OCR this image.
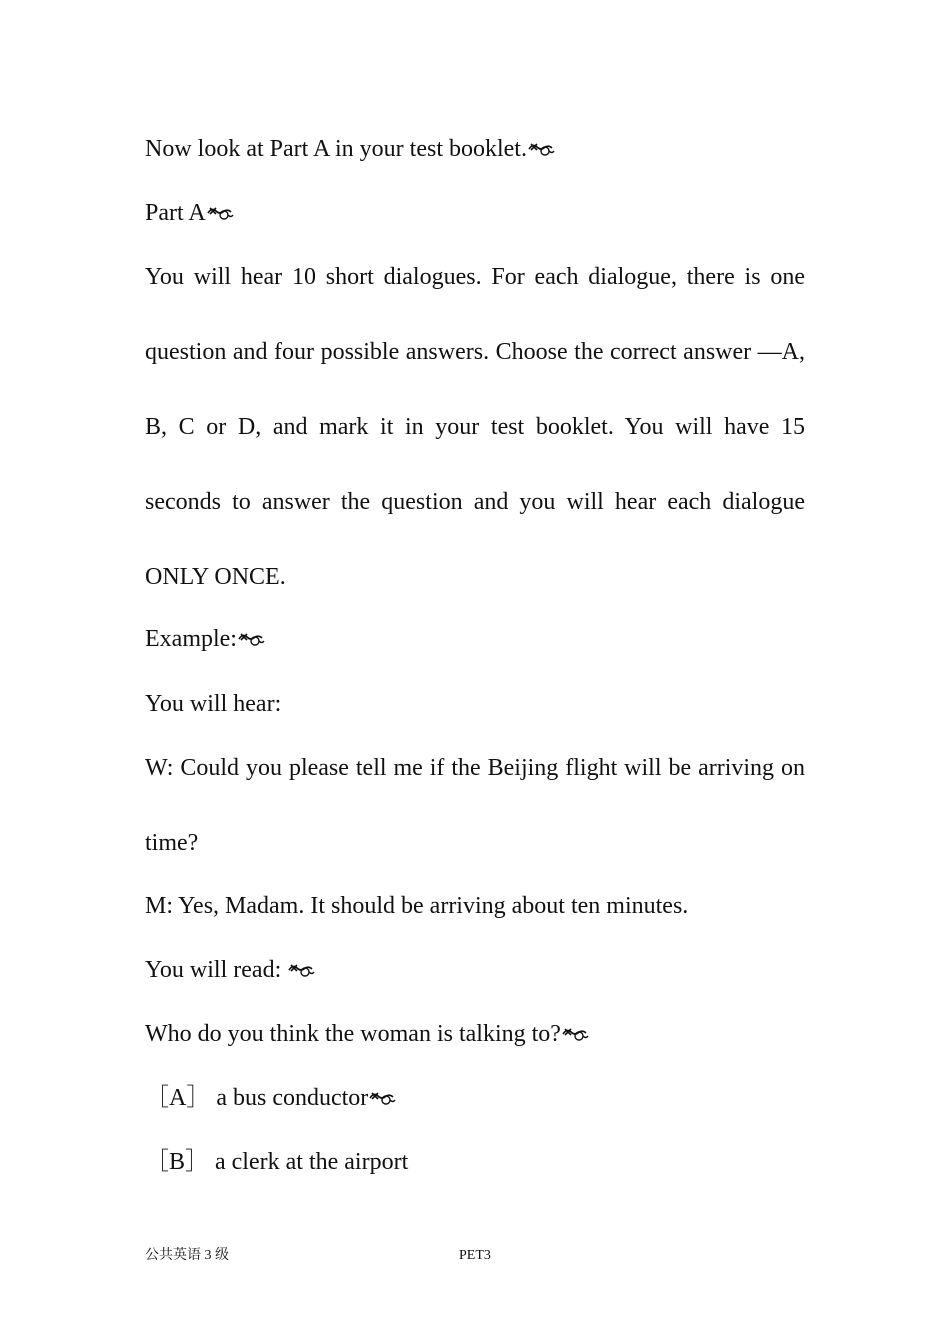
Now look at Part A in your test booklet.
Part A
You will hear 10 short dialogues. For each dialogue, there is one question and four possible answers. Choose the correct answer —A, B, C or D, and mark it in your test booklet. You will have 15 seconds to answer the question and you will hear each dialogue ONLY ONCE.
Example:
You will hear:
W: Could you please tell me if the Beijing flight will be arriving on time?
M: Yes, Madam. It should be arriving about ten minutes.
You will read:
Who do you think the woman is talking to?
［A］ a bus conductor
［B］ a clerk at the airport
公共英语 3 级	PET3
